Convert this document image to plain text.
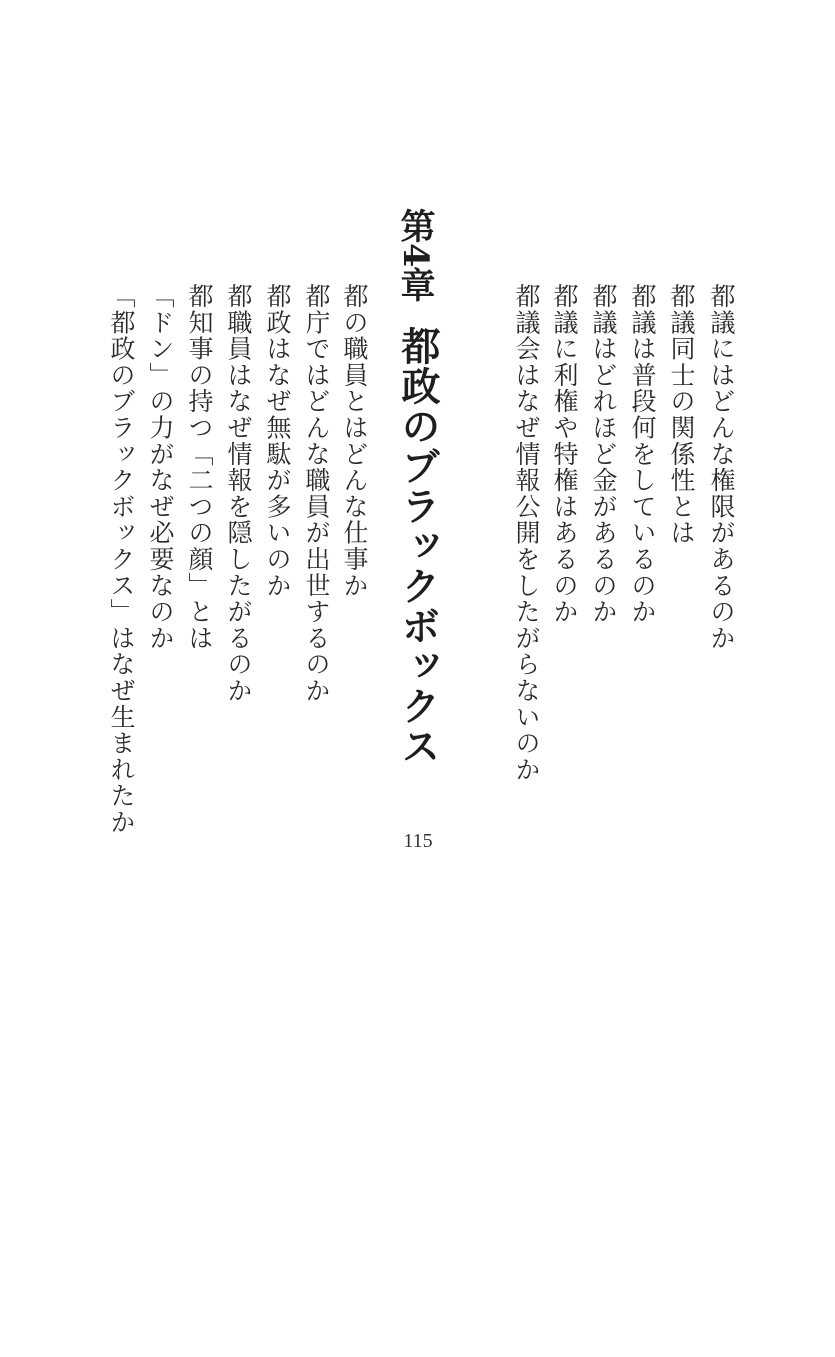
都議にはどんな権限があるのか
都議同士の関係性とは
都議は普段何をしているのか
都議はどれほど金があるのか
都議に利権や特権はあるのか
都議会はなぜ情報公開をしたがらないのか
第4章
都政のブラックボックス
都の職員とはどんな仕事か
都庁ではどんな職員が出世するのか
都政はなぜ無駄が多いのか
都職員はなぜ情報を隠したがるのか
都知事の持つ「二つの顔」とは
「ドン」の力がなぜ必要なのか
「都政のブラックボックス」はなぜ生まれたか
115
